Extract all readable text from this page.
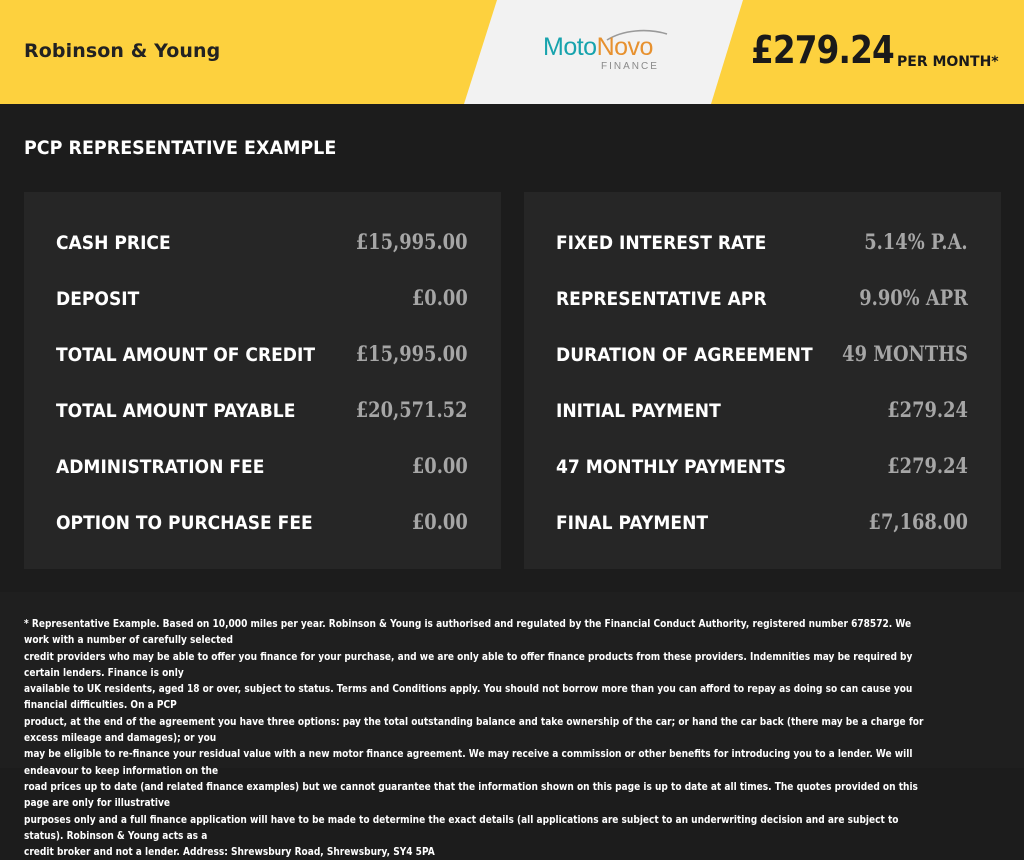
Robinson & Young	MotoNovo
FINANCE £279.24 PER MONTH*
PCP REPRESENTATIVE EXAMPLE
CASH PRICE	£15,995.00
DEPOSIT	£0.00
TOTAL AMOUNT OF CREDIT £15,995.00
TOTAL AMOUNT PAYABLE	£20,571.52
ADMINISTRATION FEE	£0.00
OPTION TO PURCHASE FEE	£0.00
FIXED INTEREST RATE	5.14% P.A.
REPRESENTATIVE APR	9.90% APR
DURATION OF AGREEMENT 49 MONTHS
INITIAL PAYMENT	£279.24
47 MONTHLY PAYMENTS	£279.24
FINAL PAYMENT	£7,168.00
* Representative Example. Based on 10,000 miles per year. Robinson & Young is authorised and regulated by the Financial Conduct Authority, registered number 678572. We work with a number of carefully selected
credit providers who may be able to offer you finance for your purchase, and we are only able to offer finance products from these providers. Indemnities may be required by certain lenders. Finance is only
available to UK residents, aged 18 or over, subject to status. Terms and Conditions apply. You should not borrow more than you can afford to repay as doing so can cause you financial difficulties. On a PCP
product, at the end of the agreement you have three options: pay the total outstanding balance and take ownership of the car; or hand the car back (there may be a charge for excess mileage and damages); or you
may be eligible to re-finance your residual value with a new motor finance agreement. We may receive a commission or other benefits for introducing you to a lender. We will endeavour to keep information on the
road prices up to date (and related finance examples) but we cannot guarantee that the information shown on this page is up to date at all times. The quotes provided on this page are only for illustrative
purposes only and a full finance application will have to be made to determine the exact details (all applications are subject to an underwriting decision and are subject to status). Robinson & Young acts as a
credit broker and not a lender. Address: Shrewsbury Road, Shrewsbury, SY4 5PA
